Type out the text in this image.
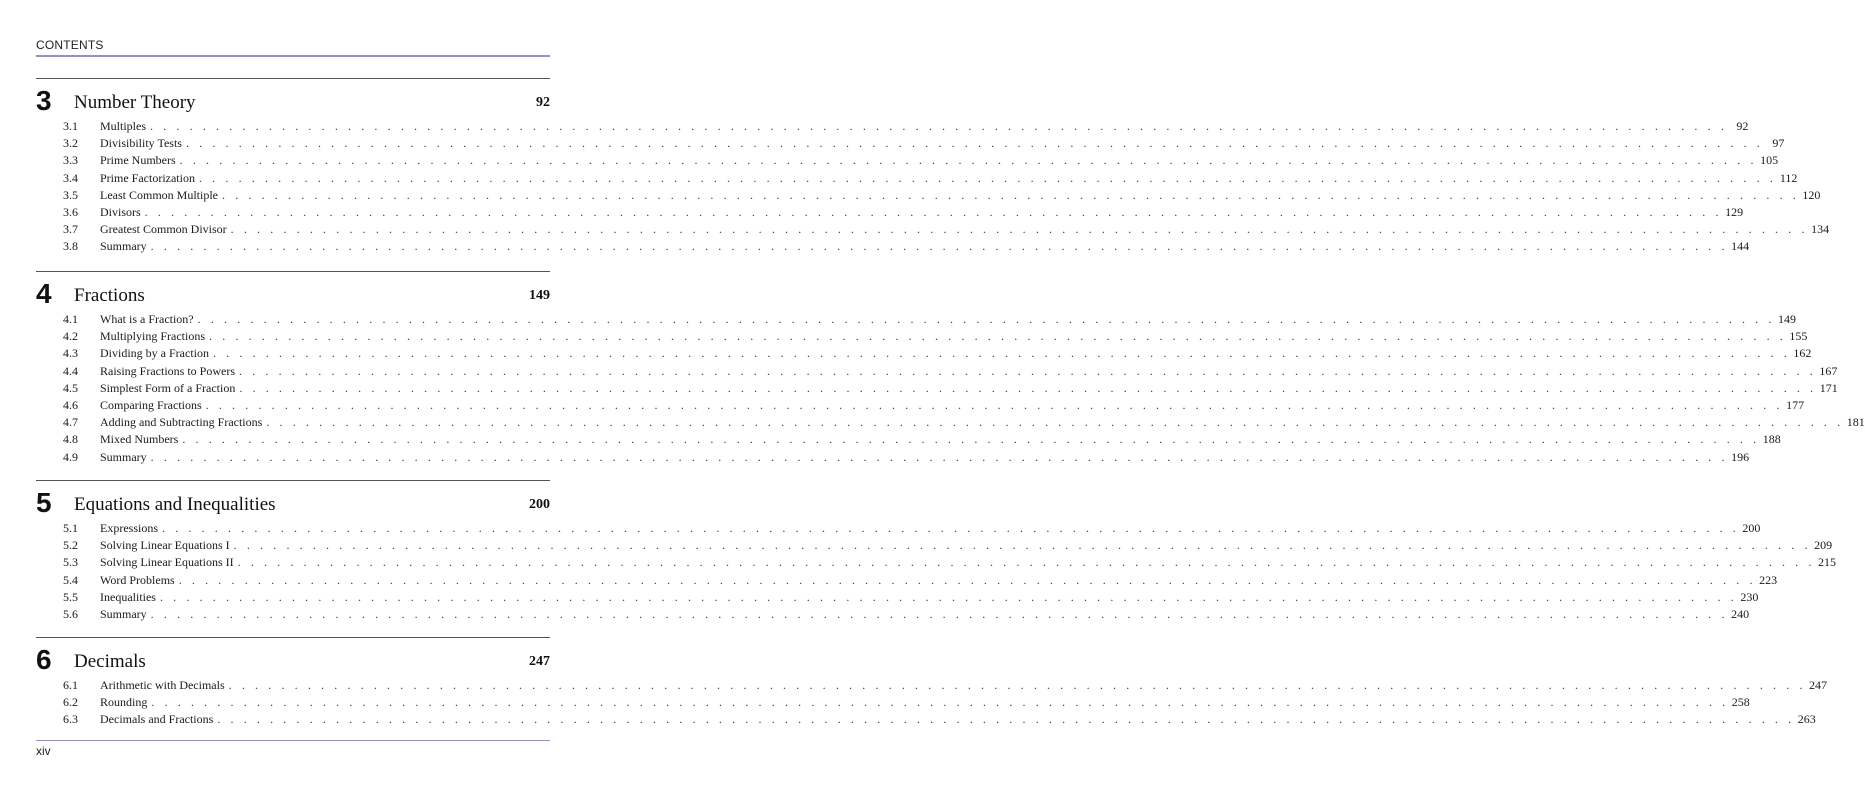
CONTENTS
3 Number Theory	92
3.1 Multiples . . . . . . . . . . . . . . . . . . . . . . . . . . . . . . . . . . . . . . . . . . . . . . . . . . . . . . . . . . . . . . . . . . . . . . . . . . . . . . . . . . . . . . . . . . . . . . . . . . . . . . . . . . . . . . . . . . . . . . . . 92
3.2 Divisibility Tests . . . . . . . . . . . . . . . . . . . . . . . . . . . . . . . . . . . . . . . . . . . . . . . . . . . . . . . . . . . . . . . . . . . . . . . . . . . . . . . . . . . . . . . . . . . . . . . . . . . . . . . . . . . . . . . . . . . . . . . . 97
3.3 Prime Numbers . . . . . . . . . . . . . . . . . . . . . . . . . . . . . . . . . . . . . . . . . . . . . . . . . . . . . . . . . . . . . . . . . . . . . . . . . . . . . . . . . . . . . . . . . . . . . . . . . . . . . . . . . . . . . . . . . . . . . . . . 105
3.4 Prime Factorization . . . . . . . . . . . . . . . . . . . . . . . . . . . . . . . . . . . . . . . . . . . . . . . . . . . . . . . . . . . . . . . . . . . . . . . . . . . . . . . . . . . . . . . . . . . . . . . . . . . . . . . . . . . . . . . . . . . . . . . . 112
3.5 Least Common Multiple . . . . . . . . . . . . . . . . . . . . . . . . . . . . . . . . . . . . . . . . . . . . . . . . . . . . . . . . . . . . . . . . . . . . . . . . . . . . . . . . . . . . . . . . . . . . . . . . . . . . . . . . . . . . . . . . . . . . . . . . 120
3.6 Divisors . . . . . . . . . . . . . . . . . . . . . . . . . . . . . . . . . . . . . . . . . . . . . . . . . . . . . . . . . . . . . . . . . . . . . . . . . . . . . . . . . . . . . . . . . . . . . . . . . . . . . . . . . . . . . . . . . . . . . . . . 129
3.7 Greatest Common Divisor . . . . . . . . . . . . . . . . . . . . . . . . . . . . . . . . . . . . . . . . . . . . . . . . . . . . . . . . . . . . . . . . . . . . . . . . . . . . . . . . . . . . . . . . . . . . . . . . . . . . . . . . . . . . . . . . . . . . . . . . 134
3.8 Summary . . . . . . . . . . . . . . . . . . . . . . . . . . . . . . . . . . . . . . . . . . . . . . . . . . . . . . . . . . . . . . . . . . . . . . . . . . . . . . . . . . . . . . . . . . . . . . . . . . . . . . . . . . . . . . . . . . . . . . . . 144
4 Fractions	149
4.1 What is a Fraction? . . . . . . . . . . . . . . . . . . . . . . . . . . . . . . . . . . . . . . . . . . . . . . . . . . . . . . . . . . . . . . . . . . . . . . . . . . . . . . . . . . . . . . . . . . . . . . . . . . . . . . . . . . . . . . . . . . . . . . . . 149
4.2 Multiplying Fractions . . . . . . . . . . . . . . . . . . . . . . . . . . . . . . . . . . . . . . . . . . . . . . . . . . . . . . . . . . . . . . . . . . . . . . . . . . . . . . . . . . . . . . . . . . . . . . . . . . . . . . . . . . . . . . . . . . . . . . . . 155
4.3 Dividing by a Fraction . . . . . . . . . . . . . . . . . . . . . . . . . . . . . . . . . . . . . . . . . . . . . . . . . . . . . . . . . . . . . . . . . . . . . . . . . . . . . . . . . . . . . . . . . . . . . . . . . . . . . . . . . . . . . . . . . . . . . . . . 162
4.4 Raising Fractions to Powers . . . . . . . . . . . . . . . . . . . . . . . . . . . . . . . . . . . . . . . . . . . . . . . . . . . . . . . . . . . . . . . . . . . . . . . . . . . . . . . . . . . . . . . . . . . . . . . . . . . . . . . . . . . . . . . . . . . . . . . . 167
4.5 Simplest Form of a Fraction . . . . . . . . . . . . . . . . . . . . . . . . . . . . . . . . . . . . . . . . . . . . . . . . . . . . . . . . . . . . . . . . . . . . . . . . . . . . . . . . . . . . . . . . . . . . . . . . . . . . . . . . . . . . . . . . . . . . . . . . 171
4.6 Comparing Fractions . . . . . . . . . . . . . . . . . . . . . . . . . . . . . . . . . . . . . . . . . . . . . . . . . . . . . . . . . . . . . . . . . . . . . . . . . . . . . . . . . . . . . . . . . . . . . . . . . . . . . . . . . . . . . . . . . . . . . . . . 177
4.7 Adding and Subtracting Fractions . . . . . . . . . . . . . . . . . . . . . . . . . . . . . . . . . . . . . . . . . . . . . . . . . . . . . . . . . . . . . . . . . . . . . . . . . . . . . . . . . . . . . . . . . . . . . . . . . . . . . . . . . . . . . . . . . . . . . . . . 181
4.8 Mixed Numbers . . . . . . . . . . . . . . . . . . . . . . . . . . . . . . . . . . . . . . . . . . . . . . . . . . . . . . . . . . . . . . . . . . . . . . . . . . . . . . . . . . . . . . . . . . . . . . . . . . . . . . . . . . . . . . . . . . . . . . . . 188
4.9 Summary . . . . . . . . . . . . . . . . . . . . . . . . . . . . . . . . . . . . . . . . . . . . . . . . . . . . . . . . . . . . . . . . . . . . . . . . . . . . . . . . . . . . . . . . . . . . . . . . . . . . . . . . . . . . . . . . . . . . . . . . 196
5 Equations and Inequalities	200
5.1 Expressions . . . . . . . . . . . . . . . . . . . . . . . . . . . . . . . . . . . . . . . . . . . . . . . . . . . . . . . . . . . . . . . . . . . . . . . . . . . . . . . . . . . . . . . . . . . . . . . . . . . . . . . . . . . . . . . . . . . . . . . . 200
5.2 Solving Linear Equations I . . . . . . . . . . . . . . . . . . . . . . . . . . . . . . . . . . . . . . . . . . . . . . . . . . . . . . . . . . . . . . . . . . . . . . . . . . . . . . . . . . . . . . . . . . . . . . . . . . . . . . . . . . . . . . . . . . . . . . . . 209
5.3 Solving Linear Equations II . . . . . . . . . . . . . . . . . . . . . . . . . . . . . . . . . . . . . . . . . . . . . . . . . . . . . . . . . . . . . . . . . . . . . . . . . . . . . . . . . . . . . . . . . . . . . . . . . . . . . . . . . . . . . . . . . . . . . . . . 215
5.4 Word Problems . . . . . . . . . . . . . . . . . . . . . . . . . . . . . . . . . . . . . . . . . . . . . . . . . . . . . . . . . . . . . . . . . . . . . . . . . . . . . . . . . . . . . . . . . . . . . . . . . . . . . . . . . . . . . . . . . . . . . . . . 223
5.5 Inequalities . . . . . . . . . . . . . . . . . . . . . . . . . . . . . . . . . . . . . . . . . . . . . . . . . . . . . . . . . . . . . . . . . . . . . . . . . . . . . . . . . . . . . . . . . . . . . . . . . . . . . . . . . . . . . . . . . . . . . . . . 230
5.6 Summary . . . . . . . . . . . . . . . . . . . . . . . . . . . . . . . . . . . . . . . . . . . . . . . . . . . . . . . . . . . . . . . . . . . . . . . . . . . . . . . . . . . . . . . . . . . . . . . . . . . . . . . . . . . . . . . . . . . . . . . . 240
6 Decimals	247
6.1 Arithmetic with Decimals . . . . . . . . . . . . . . . . . . . . . . . . . . . . . . . . . . . . . . . . . . . . . . . . . . . . . . . . . . . . . . . . . . . . . . . . . . . . . . . . . . . . . . . . . . . . . . . . . . . . . . . . . . . . . . . . . . . . . . . . 247
6.2 Rounding . . . . . . . . . . . . . . . . . . . . . . . . . . . . . . . . . . . . . . . . . . . . . . . . . . . . . . . . . . . . . . . . . . . . . . . . . . . . . . . . . . . . . . . . . . . . . . . . . . . . . . . . . . . . . . . . . . . . . . . . 258
6.3 Decimals and Fractions . . . . . . . . . . . . . . . . . . . . . . . . . . . . . . . . . . . . . . . . . . . . . . . . . . . . . . . . . . . . . . . . . . . . . . . . . . . . . . . . . . . . . . . . . . . . . . . . . . . . . . . . . . . . . . . . . . . . . . . . 263
xiv
